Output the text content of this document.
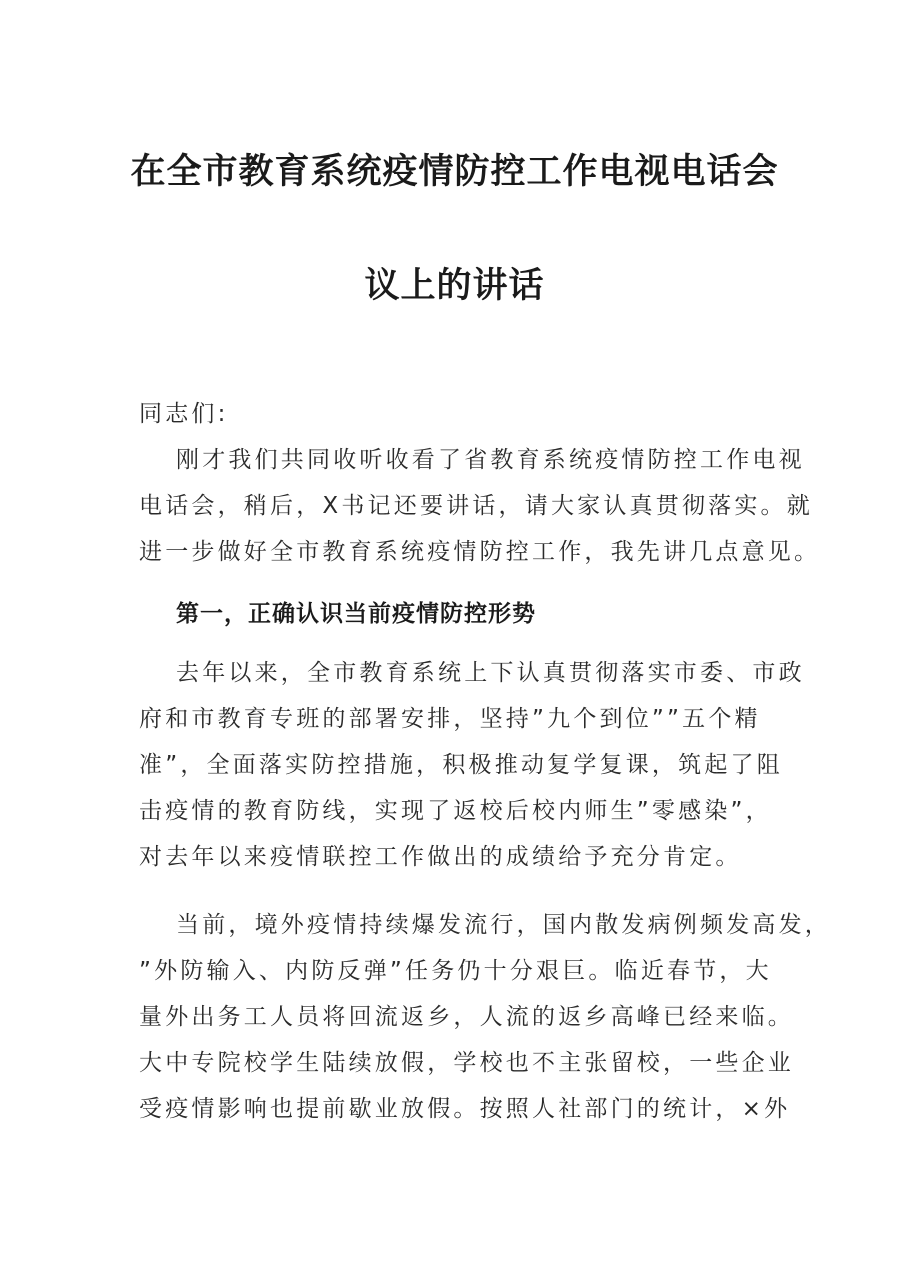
在全市教育系统疫情防控工作电视电话会
议上的讲话
同志们:
刚才我们共同收听收看了省教育系统疫情防控工作电视
电话会，稍后，X书记还要讲话，请大家认真贯彻落实。就
进一步做好全市教育系统疫情防控工作，我先讲几点意见。
第一，正确认识当前疫情防控形势
去年以来，全市教育系统上下认真贯彻落实市委、市政
府和市教育专班的部署安排，坚持”九个到位””五个精
准”，全面落实防控措施，积极推动复学复课，筑起了阻
击疫情的教育防线，实现了返校后校内师生”零感染”，
对去年以来疫情联控工作做出的成绩给予充分肯定。
当前，境外疫情持续爆发流行，国内散发病例频发高发，
”外防输入、内防反弹”任务仍十分艰巨。临近春节，大
量外出务工人员将回流返乡，人流的返乡高峰已经来临。
大中专院校学生陆续放假，学校也不主张留校，一些企业
受疫情影响也提前歇业放假。按照人社部门的统计，×外
